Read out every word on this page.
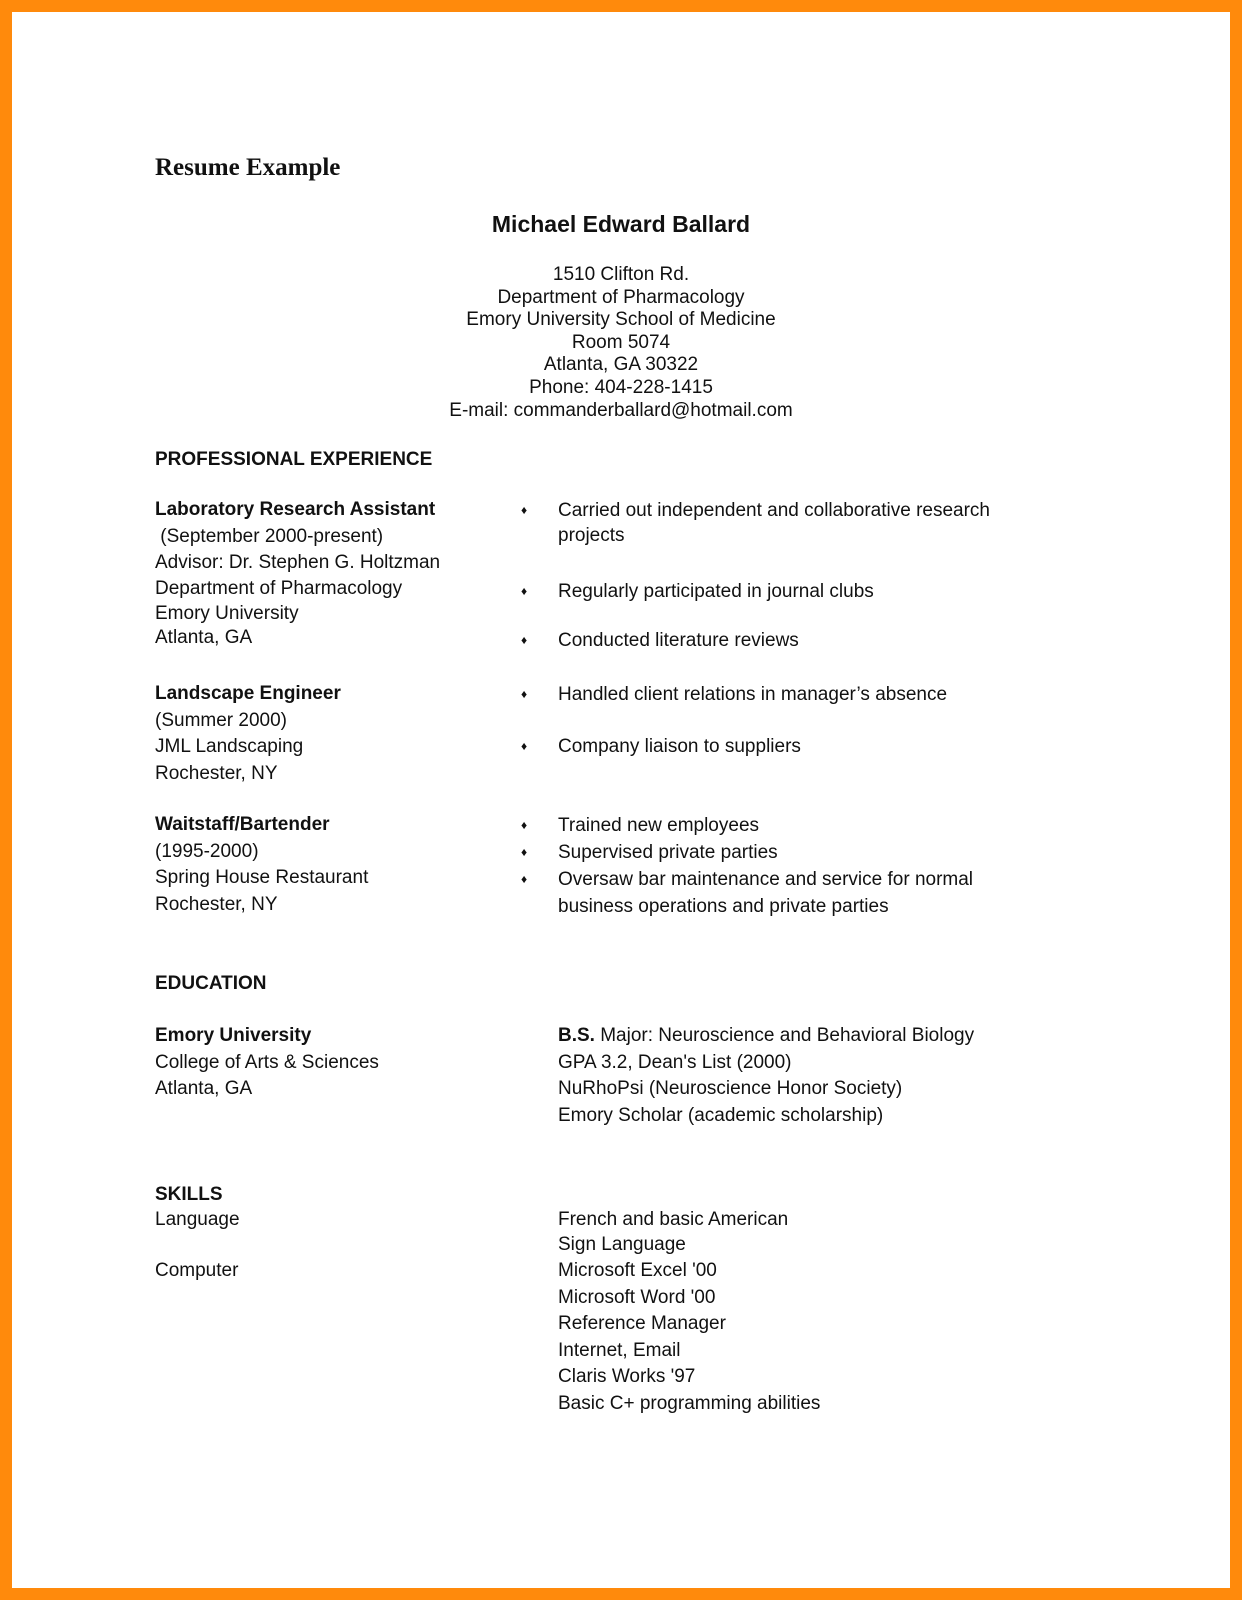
Resume Example
Michael Edward Ballard
1510 Clifton Rd.
Department of Pharmacology
Emory University School of Medicine
Room 5074
Atlanta, GA 30322
Phone: 404-228-1415
E-mail: commanderballard@hotmail.com
PROFESSIONAL EXPERIENCE
Laboratory Research Assistant
(September 2000-present)
Advisor: Dr. Stephen G. Holtzman
Department of Pharmacology
Emory University
Atlanta, GA
♦ Carried out independent and collaborative research
projects
♦ Regularly participated in journal clubs
♦ Conducted literature reviews
Landscape Engineer
(Summer 2000)
JML Landscaping
Rochester, NY
♦ Handled client relations in manager’s absence
♦ Company liaison to suppliers
Waitstaff/Bartender
(1995-2000)
Spring House Restaurant
Rochester, NY
♦ Trained new employees
♦ Supervised private parties
♦ Oversaw bar maintenance and service for normal
business operations and private parties
EDUCATION
Emory University
College of Arts & Sciences
Atlanta, GA
B.S. Major: Neuroscience and Behavioral Biology
GPA 3.2, Dean's List (2000)
NuRhoPsi (Neuroscience Honor Society)
Emory Scholar (academic scholarship)
SKILLS
Language	French and basic American
Sign Language
Computer	Microsoft Excel '00
Microsoft Word '00
Reference Manager
Internet, Email
Claris Works '97
Basic C+ programming abilities
